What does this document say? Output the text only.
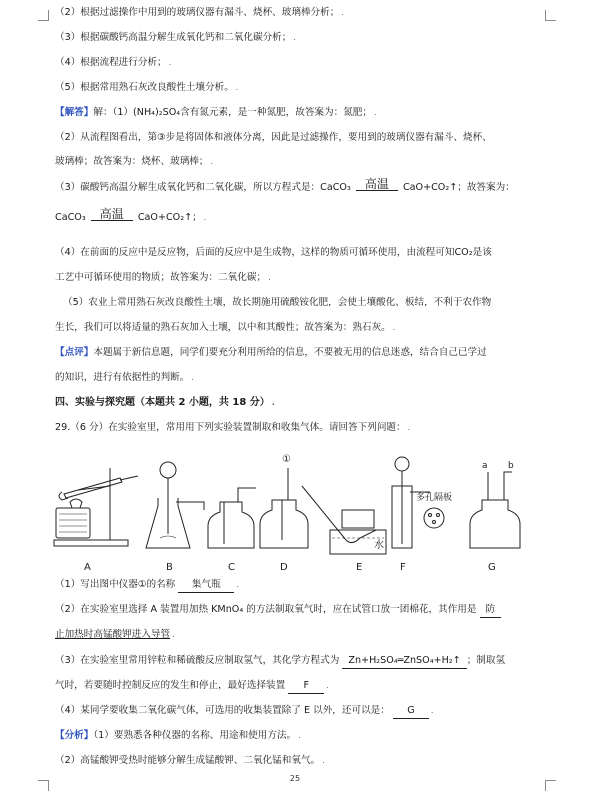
（2）根据过滤操作中用到的玻璃仪器有漏斗、烧杯、玻璃棒分析； .
（3）根据碳酸钙高温分解生成氧化钙和二氧化碳分析； .
（4）根据流程进行分析； .
（5）根据常用熟石灰改良酸性土壤分析。 .
【解答】解：（1）(NH₄)₂SO₄含有氮元素，是一种氮肥，故答案为：氮肥； .
（2）从流程图看出，第③步是将固体和液体分离，因此是过滤操作，要用到的玻璃仪器有漏斗、烧杯、
玻璃棒；故答案为：烧杯、玻璃棒； .
（3）碳酸钙高温分解生成氧化钙和二氧化碳，所以方程式是：CaCO₃	高温	CaO+CO₂↑；故答案为：
CaCO₃	高温	CaO+CO₂↑； .
（4）在前面的反应中是反应物，后面的反应中是生成物，这样的物质可循环使用，由流程可知CO₂是该
工艺中可循环使用的物质；故答案为：二氧化碳； .
（5）农业上常用熟石灰改良酸性土壤，故长期施用硫酸铵化肥，会使土壤酸化、板结，不利于农作物
生长，我们可以将适量的熟石灰加入土壤，以中和其酸性；故答案为：熟石灰。 .
【点评】本题属于新信息题，同学们要充分利用所给的信息，不要被无用的信息迷惑，结合自己已学过
的知识，进行有依据性的判断。 .
四、实验与探究题（本题共 2 小题，共 18 分） .
29.（6 分）在实验室里，常用用下列实验装置制取和收集气体。请回答下列问题： .
A	B	C	D	E	F	G
①
水
多孔隔板
a b
（1）写出图中仪器①的名称 集气瓶 .
（2）在实验室里选择 A 装置用加热 KMnO₄ 的方法制取氧气时，应在试管口放一团棉花，其作用是 防
止加热时高锰酸钾进入导管 .
（3）在实验室里常用锌粒和稀硫酸反应制取氢气，其化学方程式为 Zn+H₂SO₄═ZnSO₄+H₂↑ ；制取氢
气时，若要随时控制反应的发生和停止，最好选择装置 F .
（4）某同学要收集二氧化碳气体，可选用的收集装置除了 E 以外，还可以是： G .
【分析】（1）要熟悉各种仪器的名称、用途和使用方法。 .
（2）高锰酸钾受热时能够分解生成锰酸钾、二氧化锰和氧气。 .
25
